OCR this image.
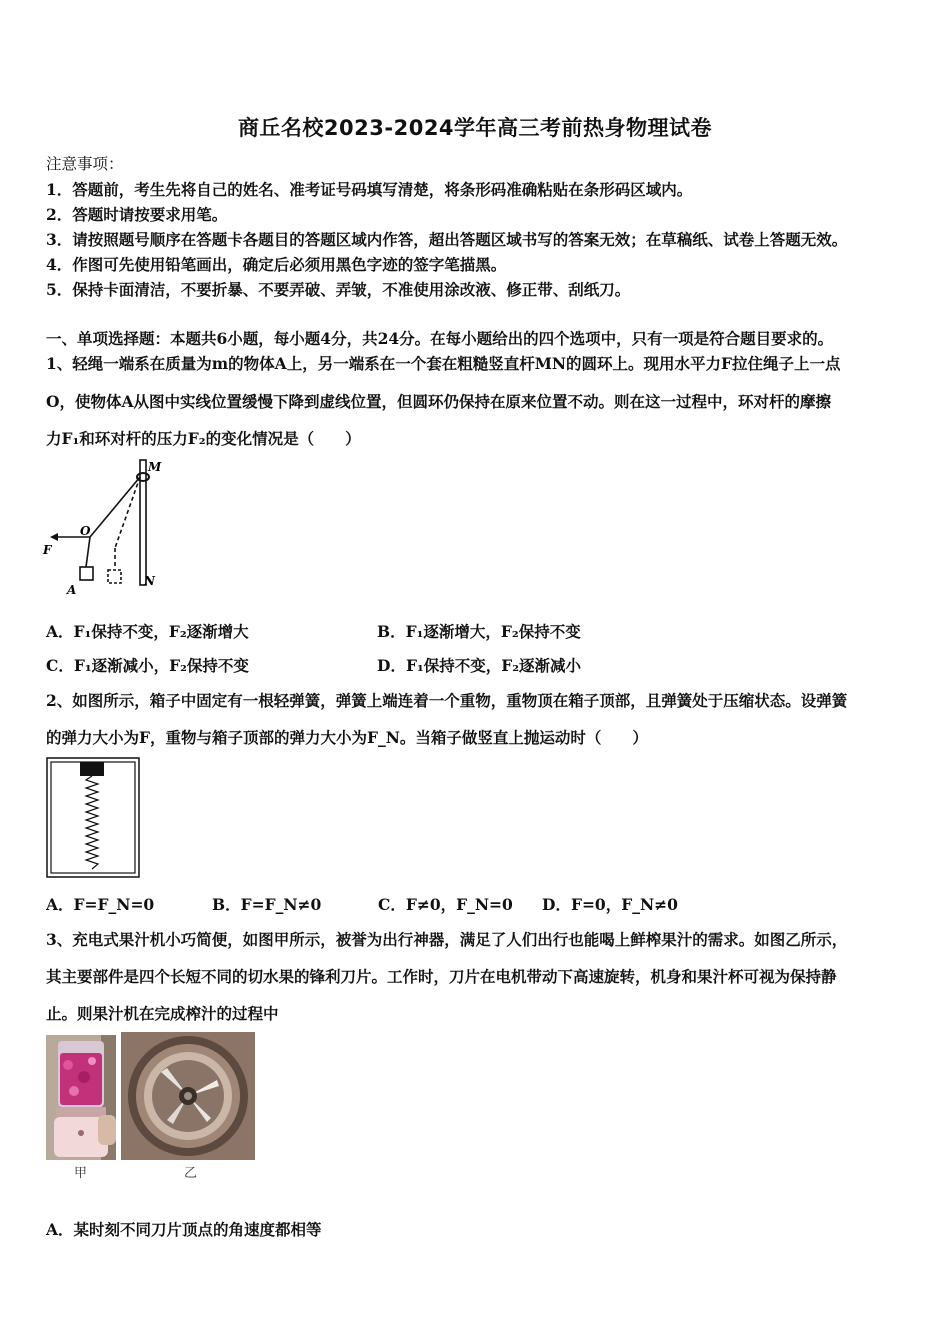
商丘名校2023-2024学年高三考前热身物理试卷
注意事项：
1．答题前，考生先将自己的姓名、准考证号码填写清楚，将条形码准确粘贴在条形码区域内。
2．答题时请按要求用笔。
3．请按照题号顺序在答题卡各题目的答题区域内作答，超出答题区域书写的答案无效；在草稿纸、试卷上答题无效。
4．作图可先使用铅笔画出，确定后必须用黑色字迹的签字笔描黑。
5．保持卡面清洁，不要折暴、不要弄破、弄皱，不准使用涂改液、修正带、刮纸刀。
一、单项选择题：本题共6小题，每小题4分，共24分。在每小题给出的四个选项中，只有一项是符合题目要求的。
1、轻绳一端系在质量为m的物体A上，另一端系在一个套在粗糙竖直杆MN的圆环上。现用水平力F拉住绳子上一点
O，使物体A从图中实线位置缓慢下降到虚线位置，但圆环仍保持在原来位置不动。则在这一过程中，环对杆的摩擦
力F₁和环对杆的压力F₂的变化情况是（　　）
M
N
O
F
A
A．F₁保持不变，F₂逐渐增大	B．F₁逐渐增大，F₂保持不变
C．F₁逐渐减小，F₂保持不变	D．F₁保持不变，F₂逐渐减小
2、如图所示，箱子中固定有一根轻弹簧，弹簧上端连着一个重物，重物顶在箱子顶部，且弹簧处于压缩状态。设弹簧
的弹力大小为F，重物与箱子顶部的弹力大小为F_N。当箱子做竖直上抛运动时（　　）
A．F=F_N=0	B．F=F_N≠0	C．F≠0，F_N=0 D．F=0，F_N≠0
3、充电式果汁机小巧简便，如图甲所示，被誉为出行神器，满足了人们出行也能喝上鲜榨果汁的需求。如图乙所示，
其主要部件是四个长短不同的切水果的锋利刀片。工作时，刀片在电机带动下高速旋转，机身和果汁杯可视为保持静
止。则果汁机在完成榨汁的过程中
甲	乙
A．某时刻不同刀片顶点的角速度都相等
